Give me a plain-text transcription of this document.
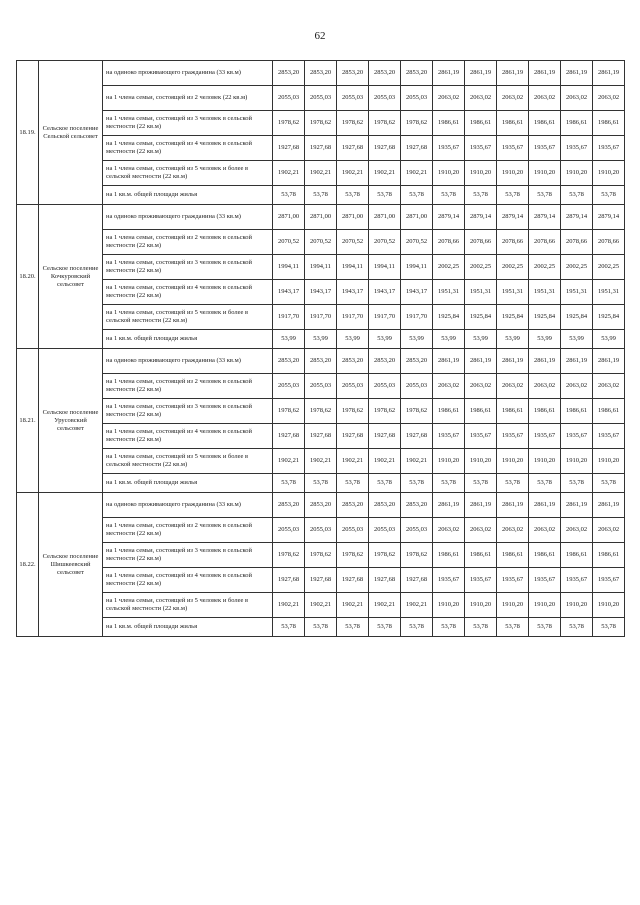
62
18.19.	Сельское поселение Сельской сельсовет	на одиноко проживающего гражданина (33 кв.м)	2853,20	2853,20	2853,20	2853,20	2853,20	2861,19	2861,19	2861,19	2861,19	2861,19	2861,19
		на 1 члена семьи, состоящей из 2 человек (22 кв.м)	2055,03	2055,03	2055,03	2055,03	2055,03	2063,02	2063,02	2063,02	2063,02	2063,02	2063,02
		на 1 члена семьи, состоящей из 3 человек в сельской местности (22 кв.м)	1978,62	1978,62	1978,62	1978,62	1978,62	1986,61	1986,61	1986,61	1986,61	1986,61	1986,61
		на 1 члена семьи, состоящей из 4 человек в сельской местности (22 кв.м)	1927,68	1927,68	1927,68	1927,68	1927,68	1935,67	1935,67	1935,67	1935,67	1935,67	1935,67
		на 1 члена семьи, состоящей из 5 человек и более в сельской местности (22 кв.м)	1902,21	1902,21	1902,21	1902,21	1902,21	1910,20	1910,20	1910,20	1910,20	1910,20	1910,20
		на 1 кв.м. общей площади жилья	53,78	53,78	53,78	53,78	53,78	53,78	53,78	53,78	53,78	53,78	53,78
18.20.	Сельское поселение Кочкуровский сельсовет	на одиноко проживающего гражданина (33 кв.м)	2871,00	2871,00	2871,00	2871,00	2871,00	2879,14	2879,14	2879,14	2879,14	2879,14	2879,14
		на 1 члена семьи, состоящей из 2 человек в сельской местности (22 кв.м)	2070,52	2070,52	2070,52	2070,52	2070,52	2078,66	2078,66	2078,66	2078,66	2078,66	2078,66
		на 1 члена семьи, состоящей из 3 человек в сельской местности (22 кв.м)	1994,11	1994,11	1994,11	1994,11	1994,11	2002,25	2002,25	2002,25	2002,25	2002,25	2002,25
		на 1 члена семьи, состоящей из 4 человек в сельской местности (22 кв.м)	1943,17	1943,17	1943,17	1943,17	1943,17	1951,31	1951,31	1951,31	1951,31	1951,31	1951,31
		на 1 члена семьи, состоящей из 5 человек и более в сельской местности (22 кв.м)	1917,70	1917,70	1917,70	1917,70	1917,70	1925,84	1925,84	1925,84	1925,84	1925,84	1925,84
		на 1 кв.м. общей площади жилья	53,99	53,99	53,99	53,99	53,99	53,99	53,99	53,99	53,99	53,99	53,99
18.21.	Сельское поселение Урусовский сельсовет	на одиноко проживающего гражданина (33 кв.м)	2853,20	2853,20	2853,20	2853,20	2853,20	2861,19	2861,19	2861,19	2861,19	2861,19	2861,19
		на 1 члена семьи, состоящей из 2 человек в сельской местности (22 кв.м)	2055,03	2055,03	2055,03	2055,03	2055,03	2063,02	2063,02	2063,02	2063,02	2063,02	2063,02
		на 1 члена семьи, состоящей из 3 человек в сельской местности (22 кв.м)	1978,62	1978,62	1978,62	1978,62	1978,62	1986,61	1986,61	1986,61	1986,61	1986,61	1986,61
		на 1 члена семьи, состоящей из 4 человек в сельской местности (22 кв.м)	1927,68	1927,68	1927,68	1927,68	1927,68	1935,67	1935,67	1935,67	1935,67	1935,67	1935,67
		на 1 члена семьи, состоящей из 5 человек и более в сельской местности (22 кв.м)	1902,21	1902,21	1902,21	1902,21	1902,21	1910,20	1910,20	1910,20	1910,20	1910,20	1910,20
		на 1 кв.м. общей площади жилья	53,78	53,78	53,78	53,78	53,78	53,78	53,78	53,78	53,78	53,78	53,78
18.22.	Сельское поселение Шишкеевский сельсовет	на одиноко проживающего гражданина (33 кв.м)	2853,20	2853,20	2853,20	2853,20	2853,20	2861,19	2861,19	2861,19	2861,19	2861,19	2861,19
		на 1 члена семьи, состоящей из 2 человек в сельской местности (22 кв.м)	2055,03	2055,03	2055,03	2055,03	2055,03	2063,02	2063,02	2063,02	2063,02	2063,02	2063,02
		на 1 члена семьи, состоящей из 3 человек в сельской местности (22 кв.м)	1978,62	1978,62	1978,62	1978,62	1978,62	1986,61	1986,61	1986,61	1986,61	1986,61	1986,61
		на 1 члена семьи, состоящей из 4 человек в сельской местности (22 кв.м)	1927,68	1927,68	1927,68	1927,68	1927,68	1935,67	1935,67	1935,67	1935,67	1935,67	1935,67
		на 1 члена семьи, состоящей из 5 человек и более в сельской местности (22 кв.м)	1902,21	1902,21	1902,21	1902,21	1902,21	1910,20	1910,20	1910,20	1910,20	1910,20	1910,20
		на 1 кв.м. общей площади жилья	53,78	53,78	53,78	53,78	53,78	53,78	53,78	53,78	53,78	53,78	53,78
